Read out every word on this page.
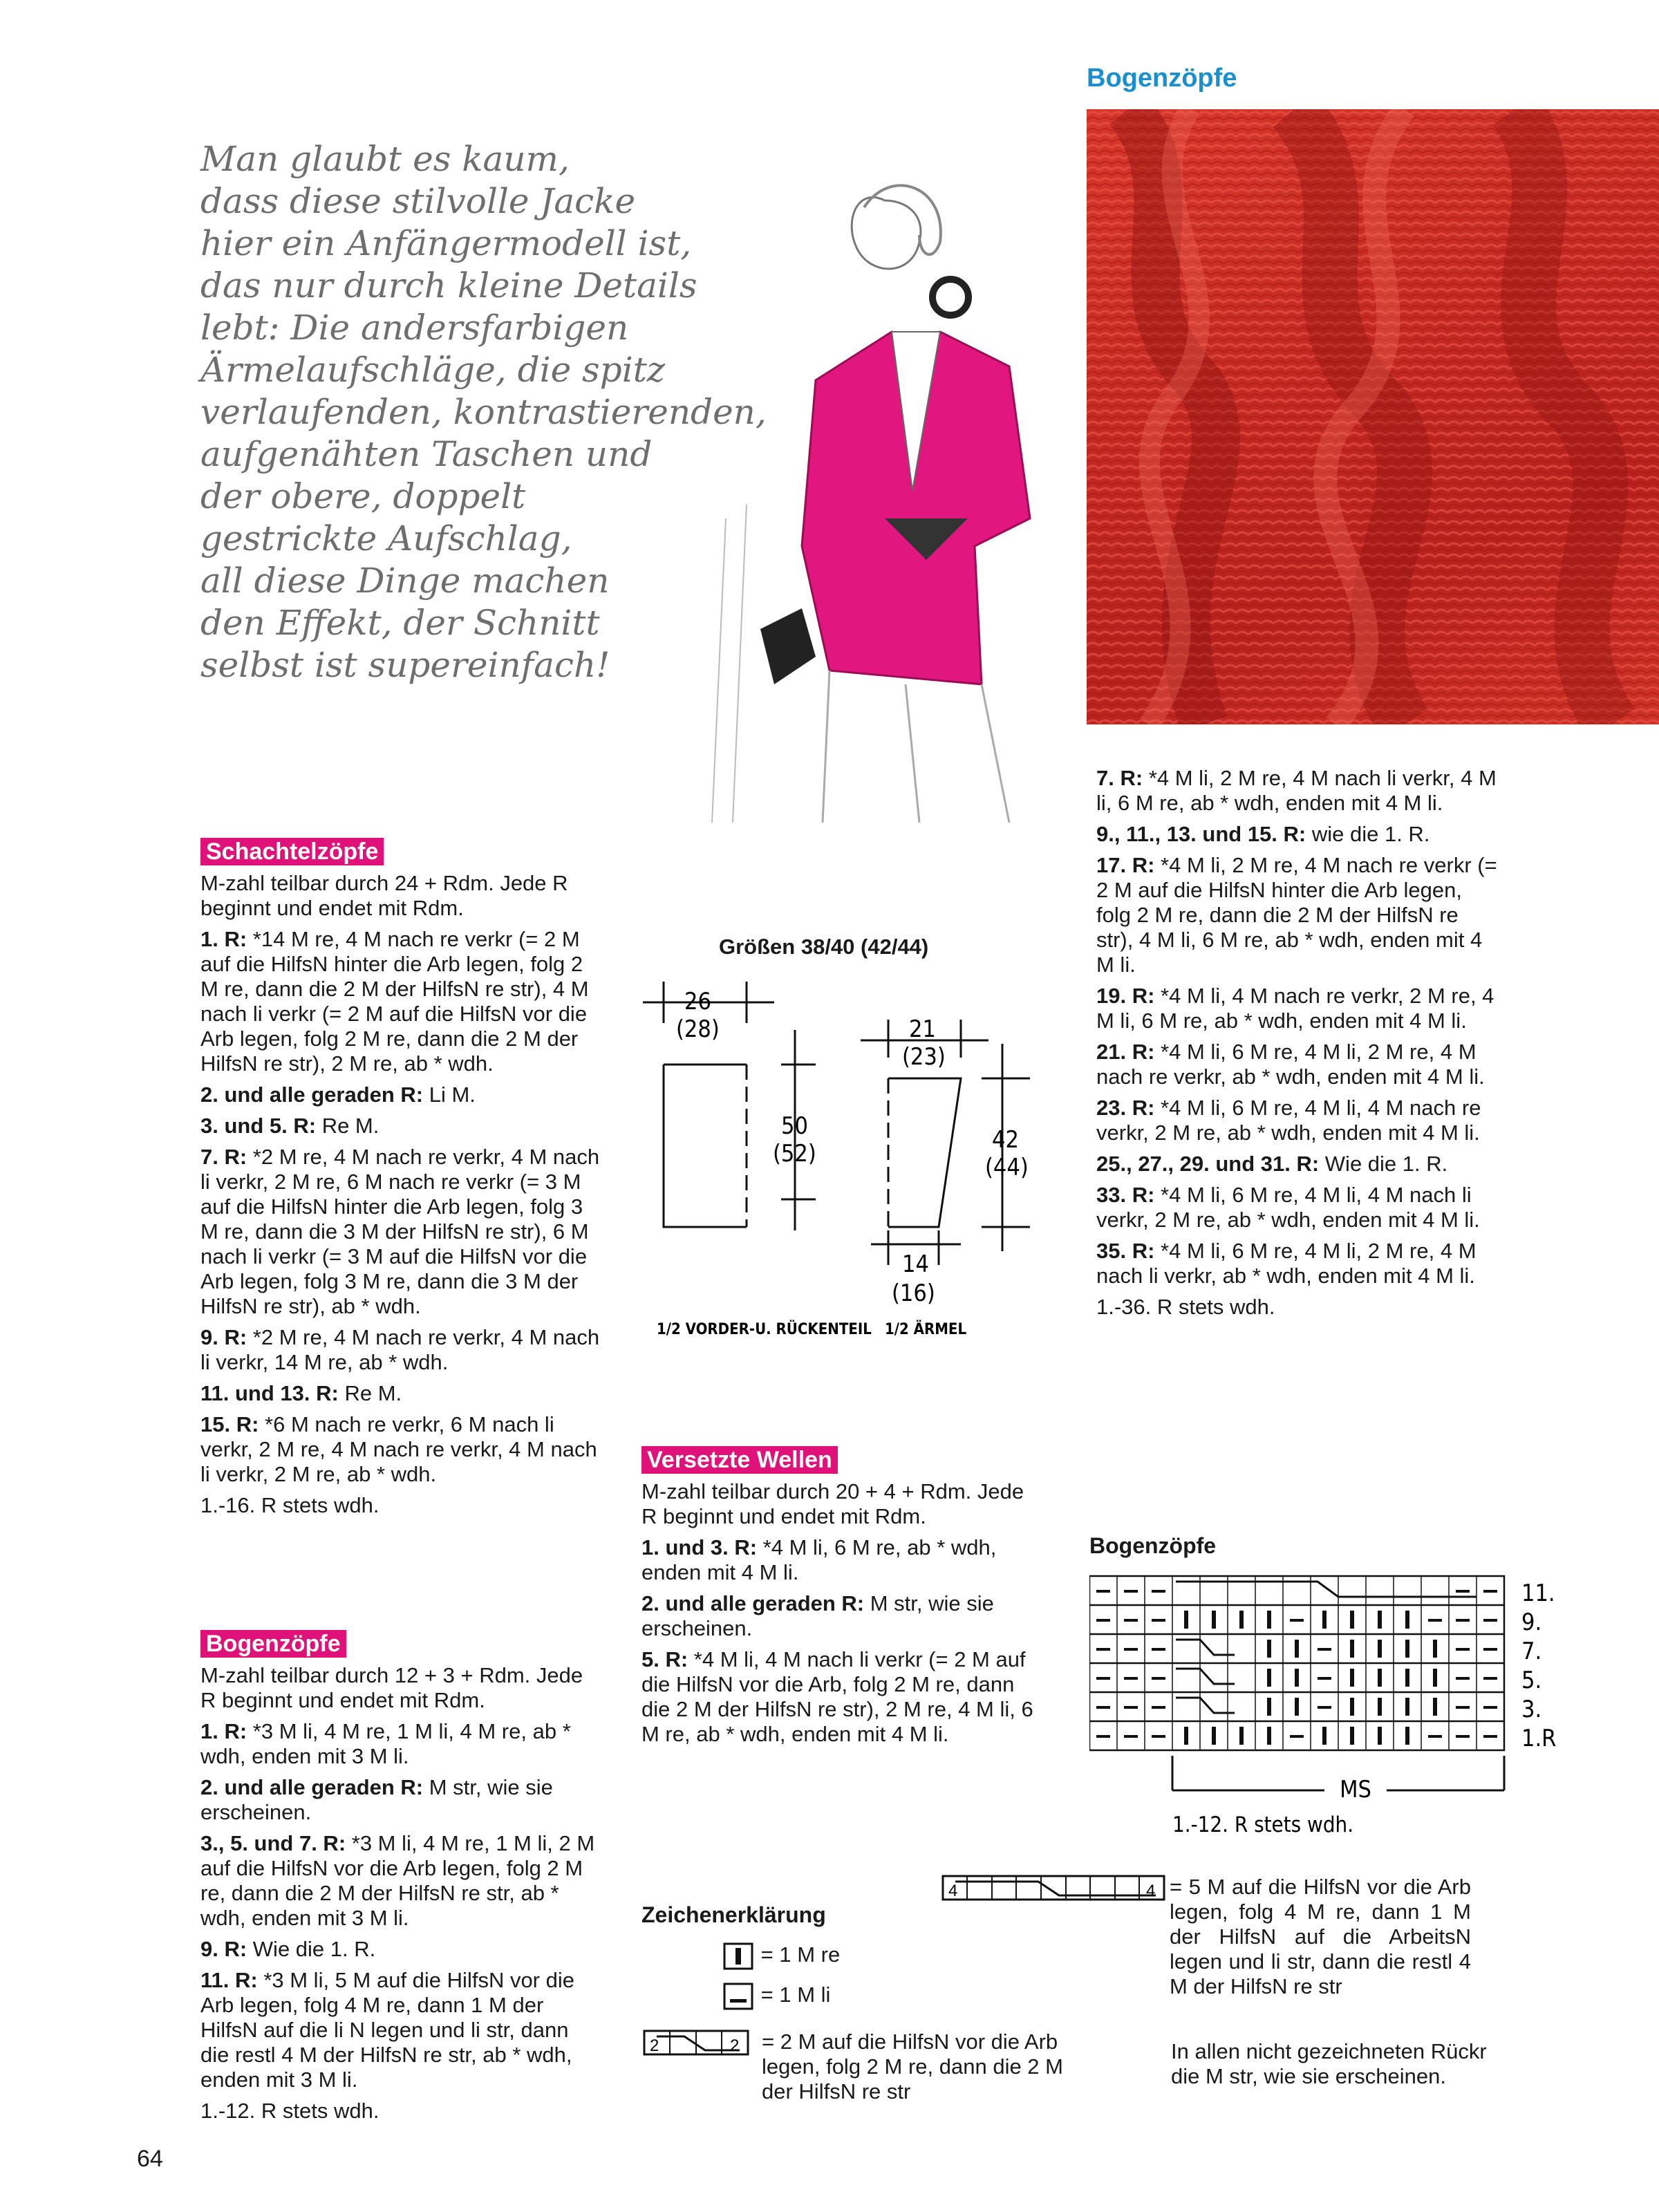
Bogenzöpfe
Man glaubt es kaum,
dass diese stilvolle Jacke
hier ein Anfängermodell ist,
das nur durch kleine Details
lebt: Die andersfarbigen
Ärmelaufschläge, die spitz
verlaufenden, kontrastierenden,
aufgenähten Taschen und
der obere, doppelt
gestrickte Aufschlag,
all diese Dinge machen
den Effekt, der Schnitt
selbst ist supereinfach!
Schachtelzöpfe

M-zahl teilbar durch 24 + Rdm. Jede R beginnt und endet mit Rdm.

1. R: *14 M re, 4 M nach re verkr (= 2 M auf die HilfsN hinter die Arb legen, folg 2 M re, dann die 2 M der HilfsN re str), 4 M nach li verkr (= 2 M auf die HilfsN vor die Arb legen, folg 2 M re, dann die 2 M der HilfsN re str), 2 M re, ab * wdh.

2. und alle geraden R: Li M.

3. und 5. R: Re M.

7. R: *2 M re, 4 M nach re verkr, 4 M nach li verkr, 2 M re, 6 M nach re verkr (= 3 M auf die HilfsN hinter die Arb legen, folg 3 M re, dann die 3 M der HilfsN re str), 6 M nach li verkr (= 3 M auf die HilfsN vor die Arb legen, folg 3 M re, dann die 3 M der HilfsN re str), ab * wdh.

9. R: *2 M re, 4 M nach re verkr, 4 M nach li verkr, 14 M re, ab * wdh.

11. und 13. R: Re M.

15. R: *6 M nach re verkr, 6 M nach li verkr, 2 M re, 4 M nach re verkr, 4 M nach li verkr, 2 M re, ab * wdh.

1.-16. R stets wdh.

Bogenzöpfe

M-zahl teilbar durch 12 + 3 + Rdm. Jede R beginnt und endet mit Rdm.

1. R: *3 M li, 4 M re, 1 M li, 4 M re, ab * wdh, enden mit 3 M li.

2. und alle geraden R: M str, wie sie erscheinen.

3., 5. und 7. R: *3 M li, 4 M re, 1 M li, 2 M auf die HilfsN vor die Arb legen, folg 2 M re, dann die 2 M der HilfsN re str, ab * wdh, enden mit 3 M li.

9. R: Wie die 1. R.

11. R: *3 M li, 5 M auf die HilfsN vor die Arb legen, folg 4 M re, dann 1 M der HilfsN auf die li N legen und li str, dann die restl 4 M der HilfsN re str, ab * wdh, enden mit 3 M li.

1.-12. R stets wdh.

Größen 38/40 (42/44)
26
(28)
50
(52)
21
(23)
42
(44)
14
(16)
1/2 VORDER-U. RÜCKENTEIL 1/2 ÄRMEL
Versetzte Wellen

M-zahl teilbar durch 20 + 4 + Rdm. Jede R beginnt und endet mit Rdm.

1. und 3. R: *4 M li, 6 M re, ab * wdh, enden mit 4 M li.

2. und alle geraden R: M str, wie sie erscheinen.

5. R: *4 M li, 4 M nach li verkr (= 2 M auf die HilfsN vor die Arb, folg 2 M re, dann die 2 M der HilfsN re str), 2 M re, 4 M li, 6 M re, ab * wdh, enden mit 4 M li.

7. R: *4 M li, 2 M re, 4 M nach li verkr, 4 M li, 6 M re, ab * wdh, enden mit 4 M li.

9., 11., 13. und 15. R: wie die 1. R.

17. R: *4 M li, 2 M re, 4 M nach re verkr (= 2 M auf die HilfsN hinter die Arb legen, folg 2 M re, dann die 2 M der HilfsN re str), 4 M li, 6 M re, ab * wdh, enden mit 4 M li.

19. R: *4 M li, 4 M nach re verkr, 2 M re, 4 M li, 6 M re, ab * wdh, enden mit 4 M li.

21. R: *4 M li, 6 M re, 4 M li, 2 M re, 4 M nach re verkr, ab * wdh, enden mit 4 M li.

23. R: *4 M li, 6 M re, 4 M li, 4 M nach re verkr, 2 M re, ab * wdh, enden mit 4 M li.

25., 27., 29. und 31. R: Wie die 1. R.

33. R: *4 M li, 6 M re, 4 M li, 4 M nach li verkr, 2 M re, ab * wdh, enden mit 4 M li.

35. R: *4 M li, 6 M re, 4 M li, 2 M re, 4 M nach li verkr, ab * wdh, enden mit 4 M li.

1.-36. R stets wdh.

Bogenzöpfe
11.
9.
7.
5.
3.
1.R
MS
1.-12. R stets wdh.
Zeichenerklärung
= 1 M re
= 1 M li
2	2 = 2 M auf die HilfsN vor die Arb legen, folg 2 M re, dann die 2 M der HilfsN re str
4	4 = 5 M auf die HilfsN vor die Arb legen, folg 4 M re, dann 1 M der HilfsN auf die ArbeitsN legen und li str, dann die restl 4 M der HilfsN re str
In allen nicht gezeichneten Rückr die M str, wie sie erscheinen.
64
